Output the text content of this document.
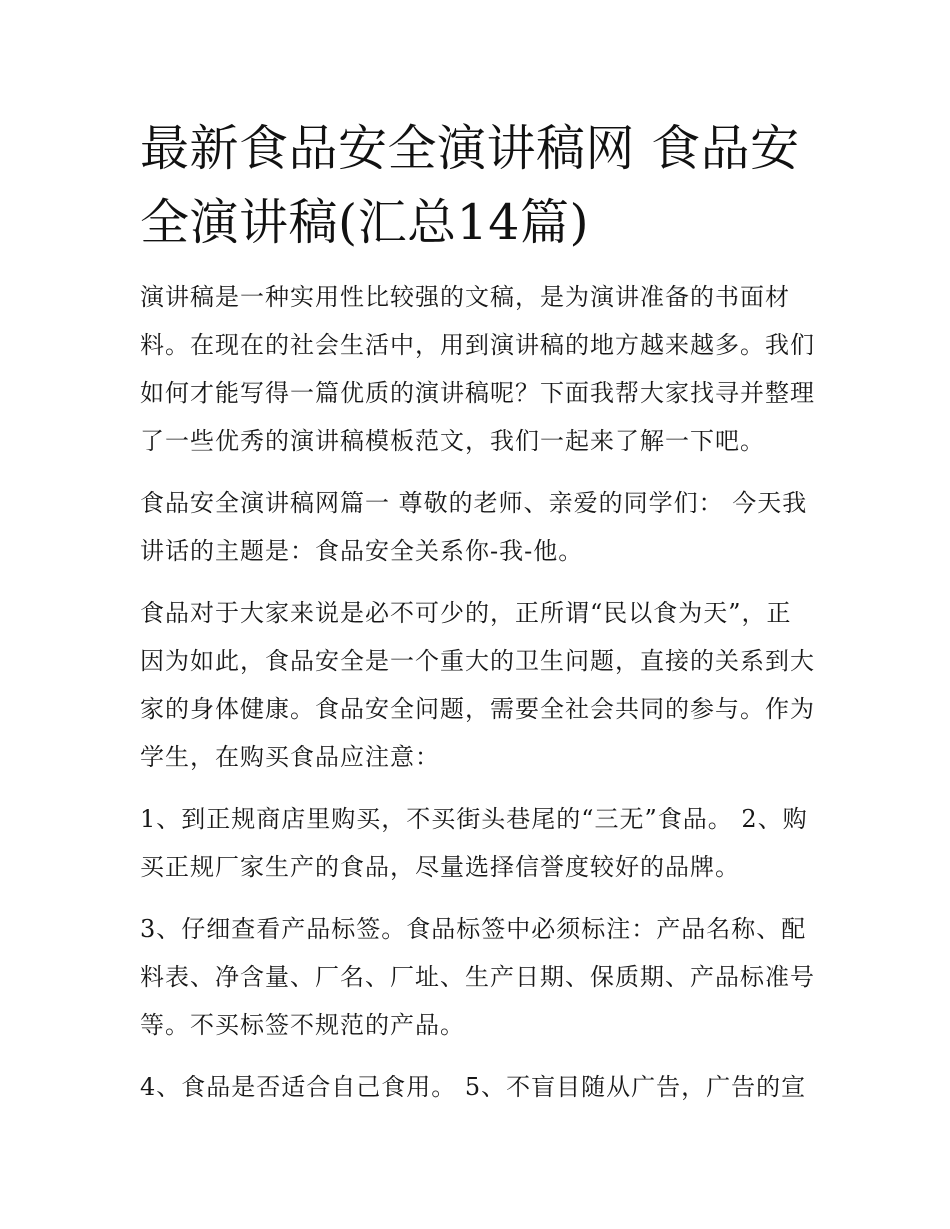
最新食品安全演讲稿网 食品安全演讲稿(汇总14篇)

演讲稿是一种实用性比较强的文稿，是为演讲准备的书面材料。在现在的社会生活中，用到演讲稿的地方越来越多。我们如何才能写得一篇优质的演讲稿呢？下面我帮大家找寻并整理了一些优秀的演讲稿模板范文，我们一起来了解一下吧。

食品安全演讲稿网篇一 尊敬的老师、亲爱的同学们： 今天我讲话的主题是：食品安全关系你-我-他。

食品对于大家来说是必不可少的，正所谓“民以食为天”，正因为如此，食品安全是一个重大的卫生问题，直接的关系到大家的身体健康。食品安全问题，需要全社会共同的参与。作为学生，在购买食品应注意：

1、到正规商店里购买，不买街头巷尾的“三无”食品。 2、购买正规厂家生产的食品，尽量选择信誉度较好的品牌。

3、仔细查看产品标签。食品标签中必须标注：产品名称、配料表、净含量、厂名、厂址、生产日期、保质期、产品标准号等。不买标签不规范的产品。

4、食品是否适合自己食用。 5、不盲目随从广告，广告的宣
